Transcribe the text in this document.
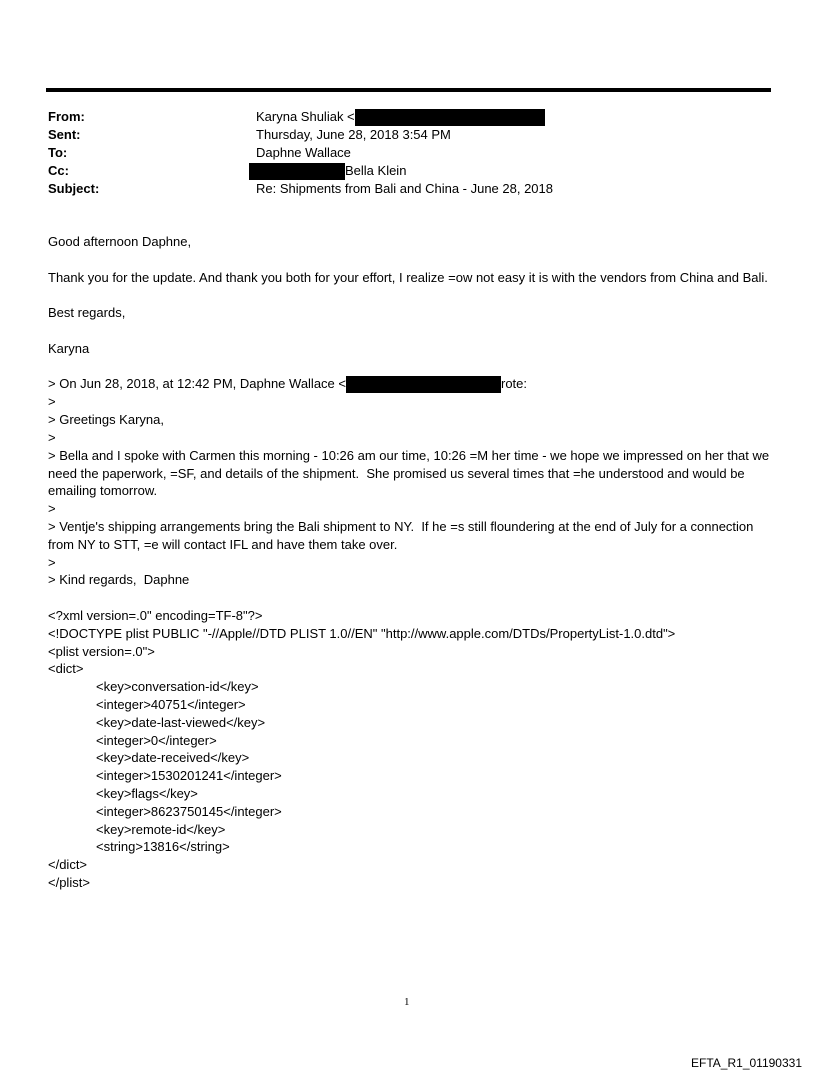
From:	Karyna Shuliak <
Sent:	Thursday, June 28, 2018 3:54 PM
To:	Daphne Wallace
Cc:	Bella Klein
Subject:	Re: Shipments from Bali and China - June 28, 2018
Good afternoon Daphne,

Thank you for the update. And thank you both for your effort, I realize =ow not easy it is with the vendors from China and Bali.

Best regards,

Karyna

> On Jun 28, 2018, at 12:42 PM, Daphne Wallace <	rote:
>
> Greetings Karyna,
>
> Bella and I spoke with Carmen this morning - 10:26 am our time, 10:26 =M her time - we hope we impressed on her that we need the paperwork, =SF, and details of the shipment.  She promised us several times that =he understood and would be emailing tomorrow.
>
> Ventje's shipping arrangements bring the Bali shipment to NY.  If he =s still floundering at the end of July for a connection from NY to STT, =e will contact IFL and have them take over.
>
> Kind regards,  Daphne

<?xml version=.0" encoding=TF-8"?>
<!DOCTYPE plist PUBLIC "-//Apple//DTD PLIST 1.0//EN" "http://www.apple.com/DTDs/PropertyList-1.0.dtd">
<plist version=.0">
<dict>
<key>conversation-id</key>
<integer>40751</integer>
<key>date-last-viewed</key>
<integer>0</integer>
<key>date-received</key>
<integer>1530201241</integer>
<key>flags</key>
<integer>8623750145</integer>
<key>remote-id</key>
<string>13816</string>
</dict>
</plist>
1
EFTA_R1_01190331
